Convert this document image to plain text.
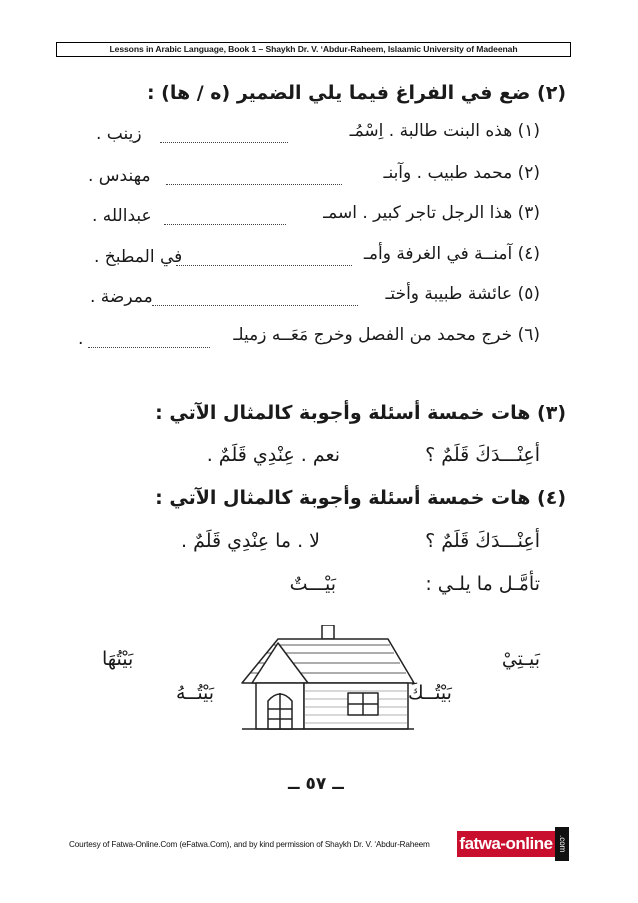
Lessons in Arabic Language, Book 1 – Shaykh Dr. V. ‘Abdur-Raheem, Islaamic University of Madeenah
(٢) ضع في الفراغ فيما يلي الضمير (ه / ها) :
(١) هذه البنت طالبة . اِسْمُـ
زينب .
(٢) محمد طبيب . وآبنـ
مهندس .
(٣) هذا الرجل تاجر كبير . اسمـ
عبدالله .
(٤) آمنــة في الغرفة وأمـ
في المطبخ .
(٥) عائشة طبيبة وأختـ
ممرضة .
(٦) خرج محمد من الفصل وخرج مَعَــه زميلـ
.
(٣) هات خمسة أسئلة وأجوبة كالمثال الآتي :
أعِنْـــدَكَ قَلَمٌ ؟
نعم . عِنْدِي قَلَمٌ .
(٤) هات خمسة أسئلة وأجوبة كالمثال الآتي :
أعِنْـــدَكَ قَلَمٌ ؟
لا . ما عِنْدِي قَلَمٌ .
تأمَّـل ما يلـي :
بَيْـــتٌ
بَيـتِيْ
بَيْتُهَا
بَيْتُــكَ
بَيْتُــهُ
ــ ٥٧ ــ
Courtesy of Fatwa-Online.Com (eFatwa.Com), and by kind permission of Shaykh Dr. V. ‘Abdur-Raheem	fatwa-online .com
